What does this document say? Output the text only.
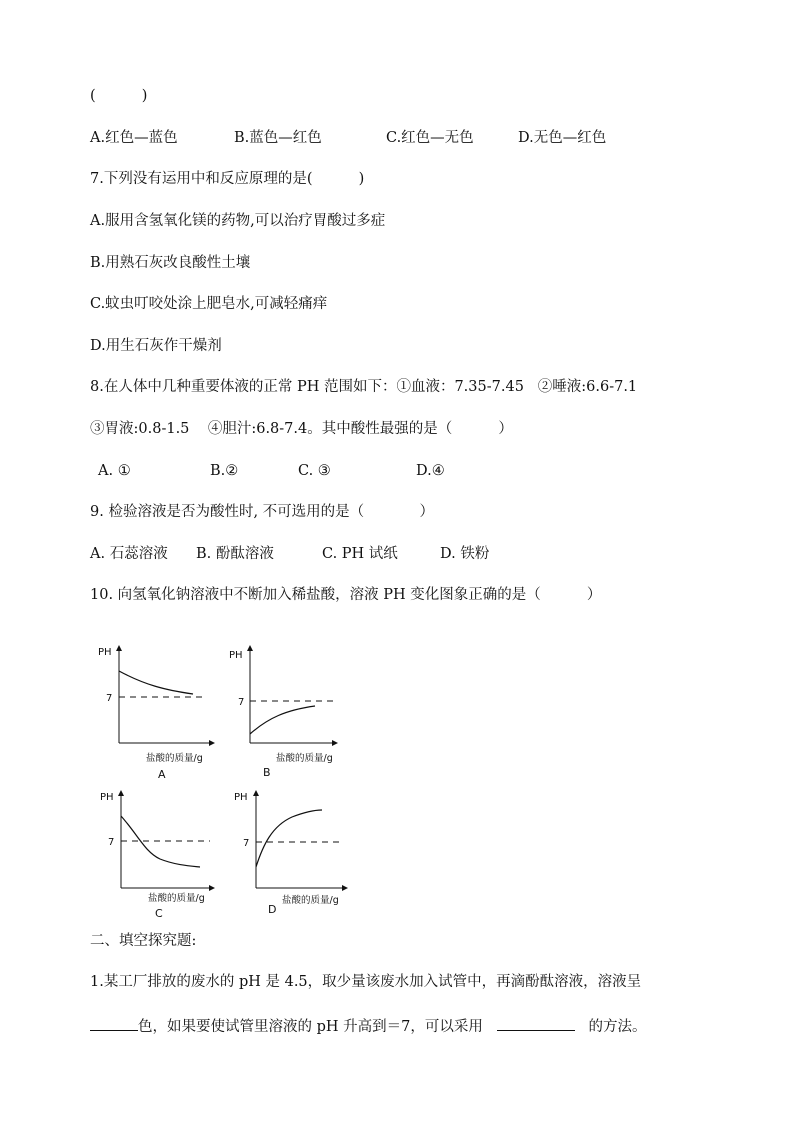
(          )
A.红色—蓝色	B.蓝色—红色	C.红色—无色	D.无色—红色
7.下列没有运用中和反应原理的是(          )
A.服用含氢氧化镁的药物,可以治疗胃酸过多症
B.用熟石灰改良酸性土壤
C.蚊虫叮咬处涂上肥皂水,可减轻痛痒
D.用生石灰作干燥剂
8.在人体中几种重要体液的正常 PH 范围如下：①血液：7.35-7.45   ②唾液:6.6-7.1
③胃液:0.8-1.5    ④胆汁:6.8-7.4。其中酸性最强的是（          ）
A. ①	B.②	C. ③	D.④
9. 检验溶液是否为酸性时, 不可选用的是（            ）
A. 石蕊溶液 B. 酚酞溶液	C. PH 试纸	D. 铁粉
10. 向氢氧化钠溶液中不断加入稀盐酸，溶液 PH 变化图象正确的是（          ）
PH
7
盐酸的质量/g
A
PH
7
盐酸的质量/g
B
PH
7
盐酸的质量/g
C
PH
7
盐酸的质量/g
D
二、填空探究题:
1.某工厂排放的废水的 pH 是 4.5，取少量该废水加入试管中，再滴酚酞溶液，溶液呈
色，如果要使试管里溶液的 pH 升高到＝7，可以采用	的方法。
